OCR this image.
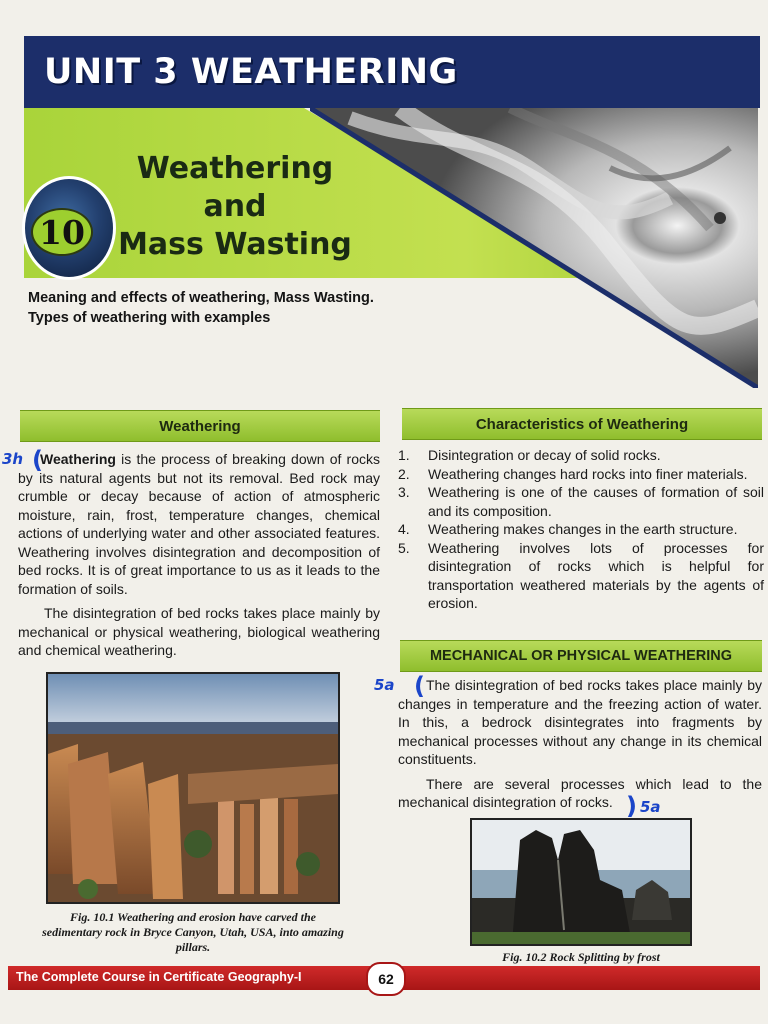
UNIT 3 WEATHERING
10
Weathering
and
Mass Wasting
Meaning and effects of weathering, Mass Wasting.
Types of weathering with examples
Weathering
3h (

Weathering is the process of breaking down of rocks by its natural agents but not its removal. Bed rock may crumble or decay because of action of atmospheric moisture, rain, frost, temperature changes, chemical actions of underlying water and other associated features. Weathering involves disintegration and decomposition of bed rocks. It is of great importance to us as it leads to the formation of soils.

The disintegration of bed rocks takes place mainly by mechanical or physical weathering, biological weathering and chemical weathering.

Characteristics of Weathering
1.	Disintegration or decay of solid rocks.
2.	Weathering changes hard rocks into finer materials.
3.	Weathering is one of the causes of formation of soil and its composition.
4.	Weathering makes changes in the earth structure.
5.	Weathering involves lots of processes for disintegration of rocks which is helpful for transportation weathered materials by the agents of erosion.
MECHANICAL OR PHYSICAL WEATHERING
5a ( The disintegration of bed rocks takes place mainly by changes in temperature and the freezing action of water. In this, a bedrock disintegrates into fragments by mechanical processes without any change in its chemical constituents.

There are several processes which lead to the mechanical disintegration of rocks. ) 5a
Fig. 10.1 Weathering and erosion have carved the sedimentary rock in Bryce Canyon, Utah, USA, into amazing pillars.
Fig. 10.2 Rock Splitting by frost
The Complete Course in Certificate Geography-I	62
